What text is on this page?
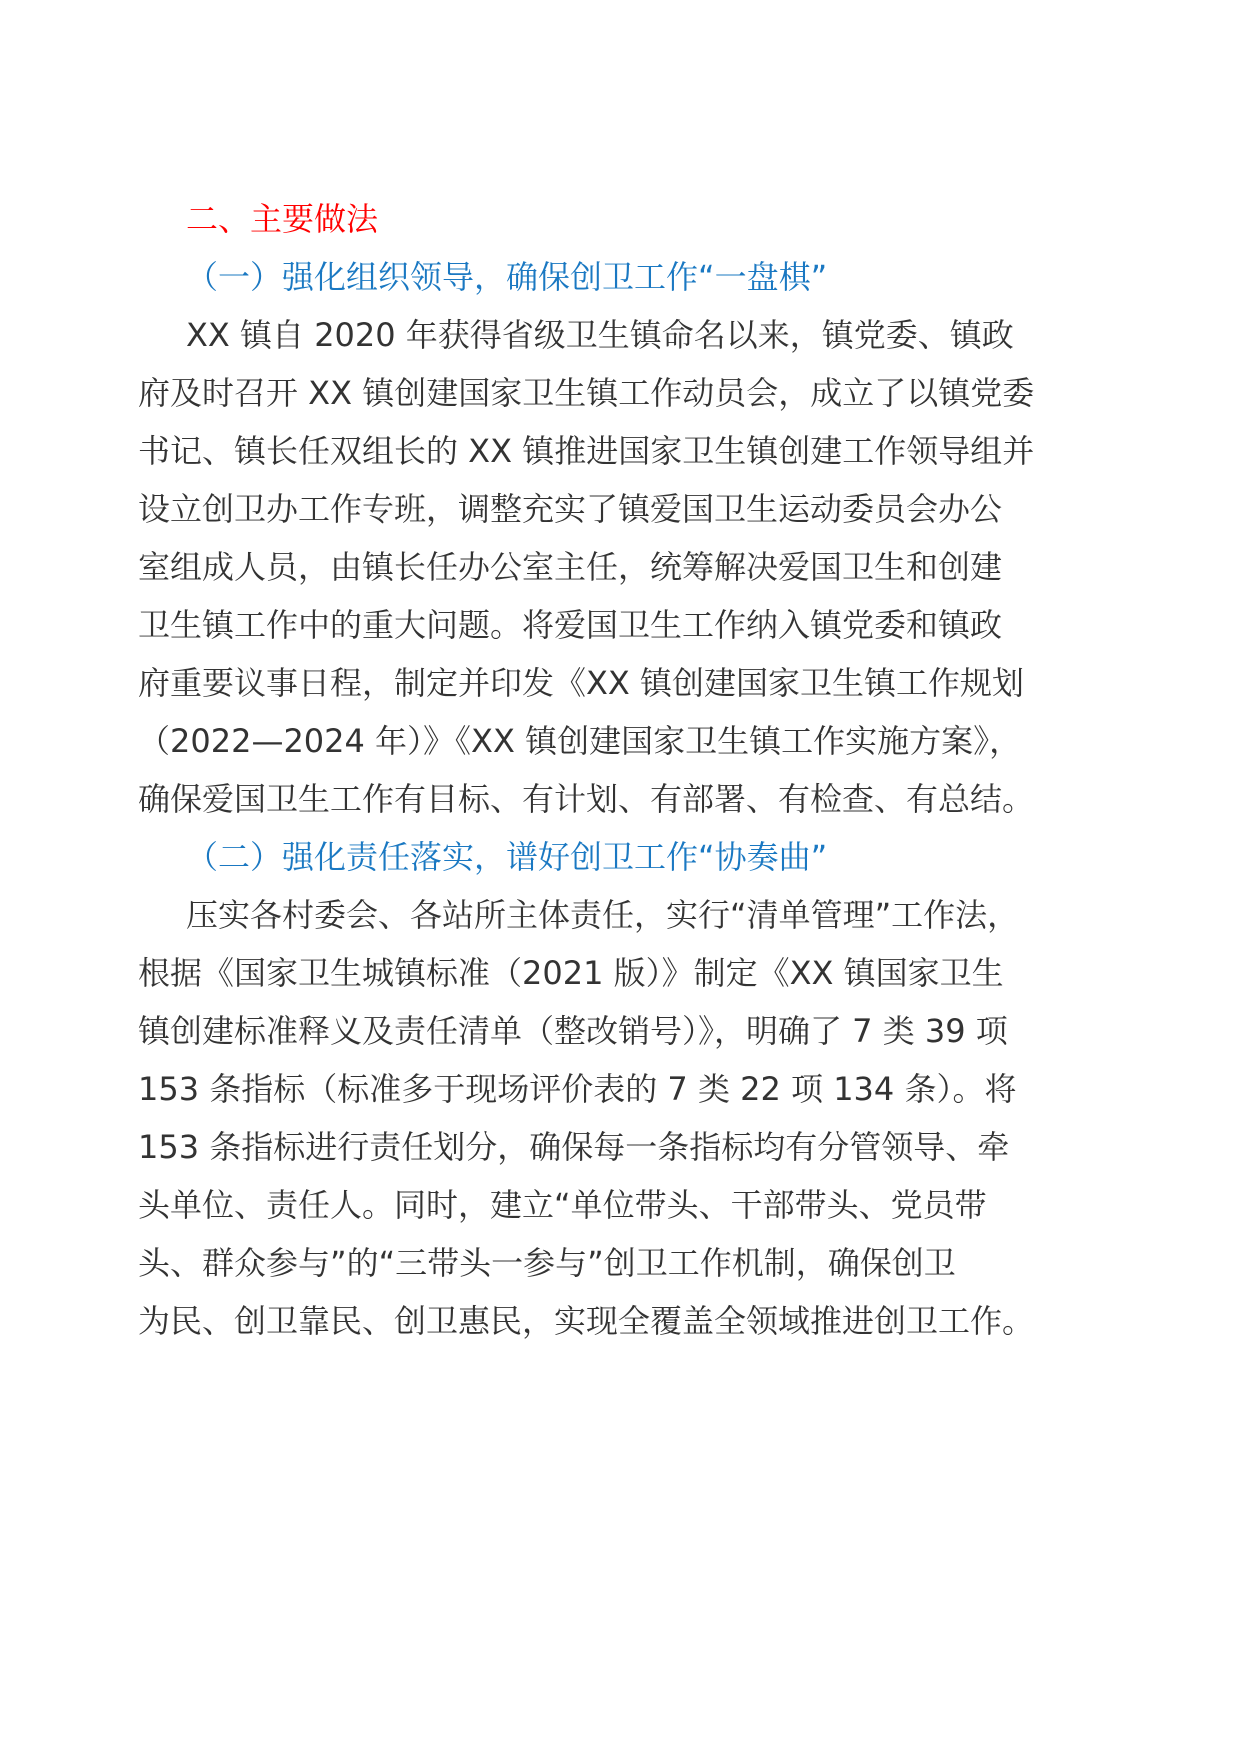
二、主要做法
（一）强化组织领导，确保创卫工作“一盘棋”
XX 镇自 2020 年获得省级卫生镇命名以来，镇党委、镇政
府及时召开 XX 镇创建国家卫生镇工作动员会，成立了以镇党委
书记、镇长任双组长的 XX 镇推进国家卫生镇创建工作领导组并
设立创卫办工作专班，调整充实了镇爱国卫生运动委员会办公
室组成人员，由镇长任办公室主任，统筹解决爱国卫生和创建
卫生镇工作中的重大问题。将爱国卫生工作纳入镇党委和镇政
府重要议事日程，制定并印发《XX 镇创建国家卫生镇工作规划
（2022—2024 年）》《XX 镇创建国家卫生镇工作实施方案》，
确保爱国卫生工作有目标、有计划、有部署、有检查、有总结。
（二）强化责任落实，谱好创卫工作“协奏曲”
压实各村委会、各站所主体责任，实行“清单管理”工作法，
根据《国家卫生城镇标准（2021 版）》制定《XX 镇国家卫生
镇创建标准释义及责任清单（整改销号）》，明确了 7 类 39 项
153 条指标（标准多于现场评价表的 7 类 22 项 134 条）。将
153 条指标进行责任划分，确保每一条指标均有分管领导、牵
头单位、责任人。同时，建立“单位带头、干部带头、党员带
头、群众参与”的“三带头一参与”创卫工作机制，确保创卫
为民、创卫靠民、创卫惠民，实现全覆盖全领域推进创卫工作。
